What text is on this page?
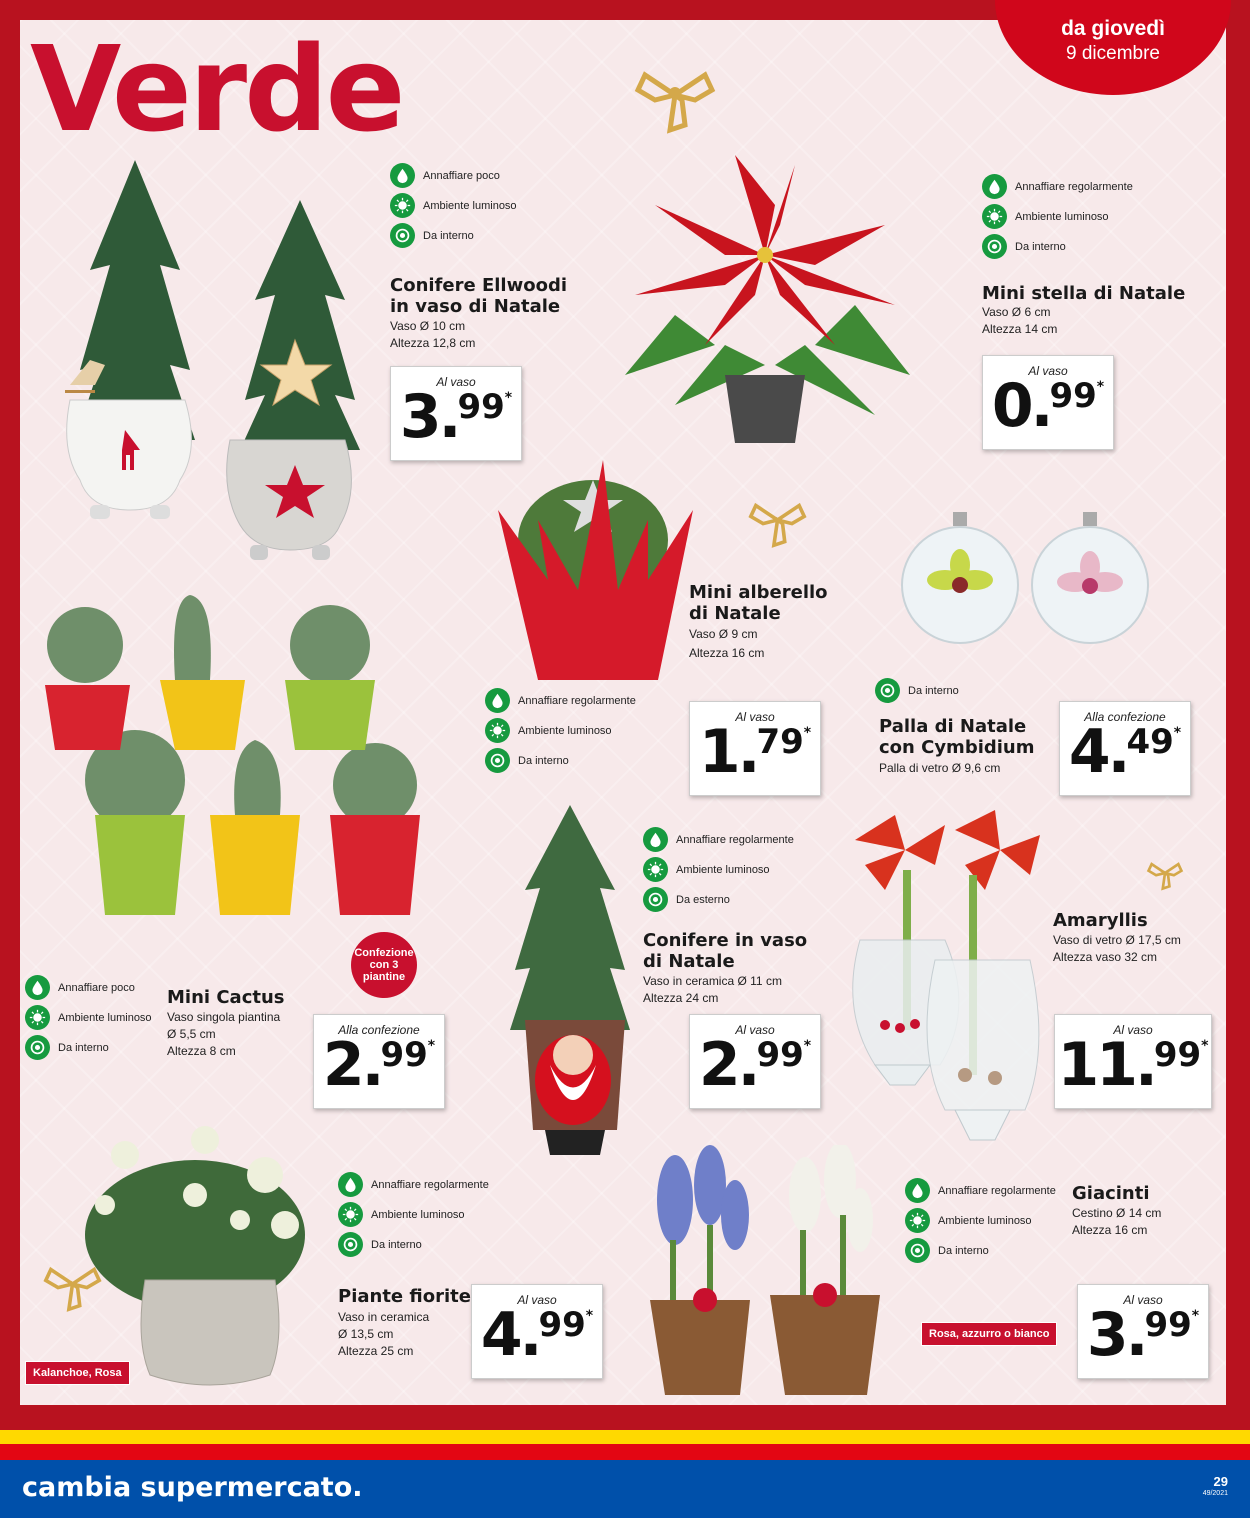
Verde	da giovedì
9 dicembre
Annaffiare poco
Ambiente luminoso
Da interno
Conifere Ellwoodi
in vaso di Natale
Vaso Ø 10 cm
Altezza 12,8 cm
Al vaso
3 .
99 *
Annaffiare regolarmente
Ambiente luminoso
Da interno
Mini stella di Natale
Vaso Ø 6 cm
Altezza 14 cm
Al vaso
0 .
99 *
Annaffiare regolarmente
Ambiente luminoso
Da interno
Mini alberello
di Natale
Vaso Ø 9 cm
Altezza 16 cm
Al vaso
1 .
79 *
Da interno
Palla di Natale
con Cymbidium
Palla di vetro Ø 9,6 cm
Alla confezione
4 .
49 *
Confezione con 3 piantine
Annaffiare poco
Ambiente luminoso
Da interno
Mini Cactus
Vaso singola piantina
Ø 5,5 cm
Altezza 8 cm
Alla confezione
2 .
99 *
Annaffiare regolarmente
Ambiente luminoso
Da esterno
Conifere in vaso
di Natale
Vaso in ceramica Ø 11 cm
Altezza 24 cm
Al vaso
2 .
99 *
Amaryllis
Vaso di vetro Ø 17,5 cm
Altezza vaso 32 cm
Al vaso
11 .
99 *
Kalanchoe, Rosa
Annaffiare regolarmente
Ambiente luminoso
Da interno
Piante fiorite
Vaso in ceramica
Ø 13,5 cm
Altezza 25 cm
Al vaso
4 .
99 *
Annaffiare regolarmente
Ambiente luminoso
Da interno
Giacinti
Cestino Ø 14 cm
Altezza 16 cm
Rosa, azzurro o bianco
Al vaso
3 .
99 *
cambia supermercato.	29
49/2021
